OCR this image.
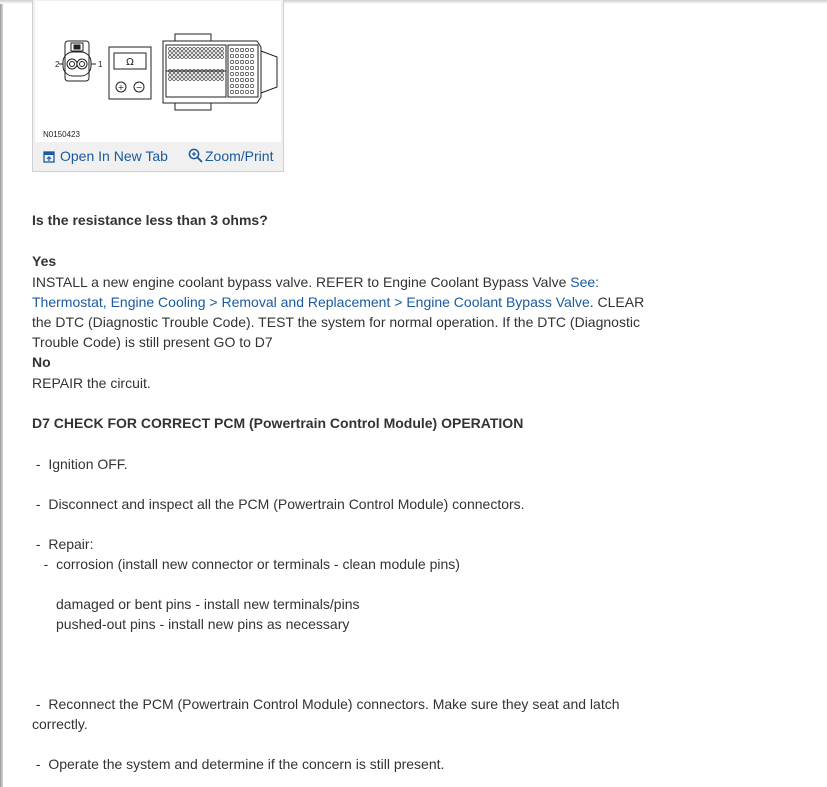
2	1 Ω
+ −
N0150423
Open In New Tab	Zoom/Print
Is the resistance less than 3 ohms?
Yes
INSTALL a new engine coolant bypass valve. REFER to Engine Coolant Bypass Valve See:
Thermostat, Engine Cooling > Removal and Replacement > Engine Coolant Bypass Valve. CLEAR
the DTC (Diagnostic Trouble Code). TEST the system for normal operation. If the DTC (Diagnostic
Trouble Code) is still present GO to D7
No
REPAIR the circuit.
D7 CHECK FOR CORRECT PCM (Powertrain Control Module) OPERATION
-  Ignition OFF.
-  Disconnect and inspect all the PCM (Powertrain Control Module) connectors.
-  Repair:
-  corrosion (install new connector or terminals - clean module pins)
damaged or bent pins - install new terminals/pins
pushed-out pins - install new pins as necessary
-  Reconnect the PCM (Powertrain Control Module) connectors. Make sure they seat and latch
correctly.
-  Operate the system and determine if the concern is still present.
